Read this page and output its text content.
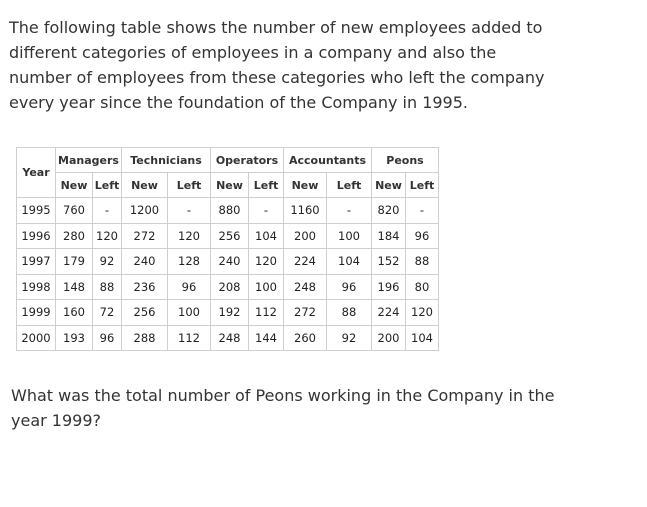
The following table shows the number of new employees added to
different categories of employees in a company and also the
number of employees from these categories who left the company
every year since the foundation of the Company in 1995.
Year	Managers		Technicians		Operators		Accountants		Peons	
	New	Left	New	Left	New	Left	New	Left	New	Left
1995	760	-	1200	-	880	-	1160	-	820	-
1996	280	120	272	120	256	104	200	100	184	96
1997	179	92	240	128	240	120	224	104	152	88
1998	148	88	236	96	208	100	248	96	196	80
1999	160	72	256	100	192	112	272	88	224	120
2000	193	96	288	112	248	144	260	92	200	104
What was the total number of Peons working in the Company in the
year 1999?
